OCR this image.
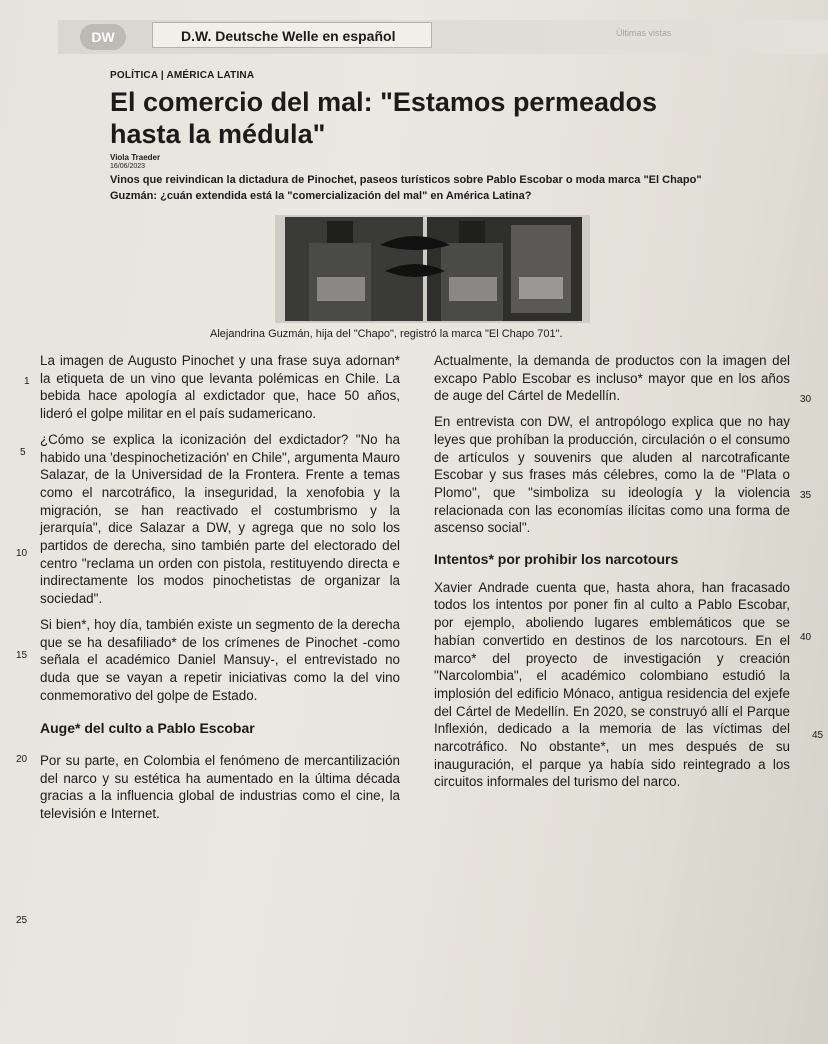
DW	D.W. Deutsche Welle en español	Últimas vistas
POLÍTICA | AMÉRICA LATINA
El comercio del mal: "Estamos permeados hasta la médula"
Viola Traeder
16/06/2023
Vinos que reivindican la dictadura de Pinochet, paseos turísticos sobre Pablo Escobar o moda marca "El Chapo" Guzmán: ¿cuán extendida está la "comercialización del mal" en América Latina?
Alejandrina Guzmán, hija del "Chapo", registró la marca "El Chapo 701".

La imagen de Augusto Pinochet y una frase suya adornan* la etiqueta de un vino que levanta polémicas en Chile. La bebida hace apología al exdictador que, hace 50 años, lideró el golpe militar en el país sudamericano.

¿Cómo se explica la iconización del exdictador? "No ha habido una 'despinochetización' en Chile", argumenta Mauro Salazar, de la Universidad de la Frontera. Frente a temas como el narcotráfico, la inseguridad, la xenofobia y la migración, se han reactivado el costumbrismo y la jerarquía", dice Salazar a DW, y agrega que no solo los partidos de derecha, sino también parte del electorado del centro "reclama un orden con pistola, restituyendo directa e indirectamente los modos pinochetistas de organizar la sociedad".

Si bien*, hoy día, también existe un segmento de la derecha que se ha desafiliado* de los crímenes de Pinochet -como señala el académico Daniel Mansuy-, el entrevistado no duda que se vayan a repetir iniciativas como la del vino conmemorativo del golpe de Estado.

Auge* del culto a Pablo Escobar

Por su parte, en Colombia el fenómeno de mercantilización del narco y su estética ha aumentado en la última década gracias a la influencia global de industrias como el cine, la televisión e Internet.

Actualmente, la demanda de productos con la imagen del excapo Pablo Escobar es incluso* mayor que en los años de auge del Cártel de Medellín.

En entrevista con DW, el antropólogo explica que no hay leyes que prohíban la producción, circulación o el consumo de artículos y souvenirs que aluden al narcotraficante Escobar y sus frases más célebres, como la de "Plata o Plomo", que "simboliza su ideología y la violencia relacionada con las economías ilícitas como una forma de ascenso social".

Intentos* por prohibir los narcotours

Xavier Andrade cuenta que, hasta ahora, han fracasado todos los intentos por poner fin al culto a Pablo Escobar, por ejemplo, aboliendo lugares emblemáticos que se habían convertido en destinos de los narcotours. En el marco* del proyecto de investigación y creación "Narcolombia", el académico colombiano estudió la implosión del edificio Mónaco, antigua residencia del exjefe del Cártel de Medellín. En 2020, se construyó allí el Parque Inflexión, dedicado a la memoria de las víctimas del narcotráfico. No obstante*, un mes después de su inauguración, el parque ya había sido reintegrado a los circuitos informales del turismo del narco.

1
5
10
15
20
25
30
35
40
45
